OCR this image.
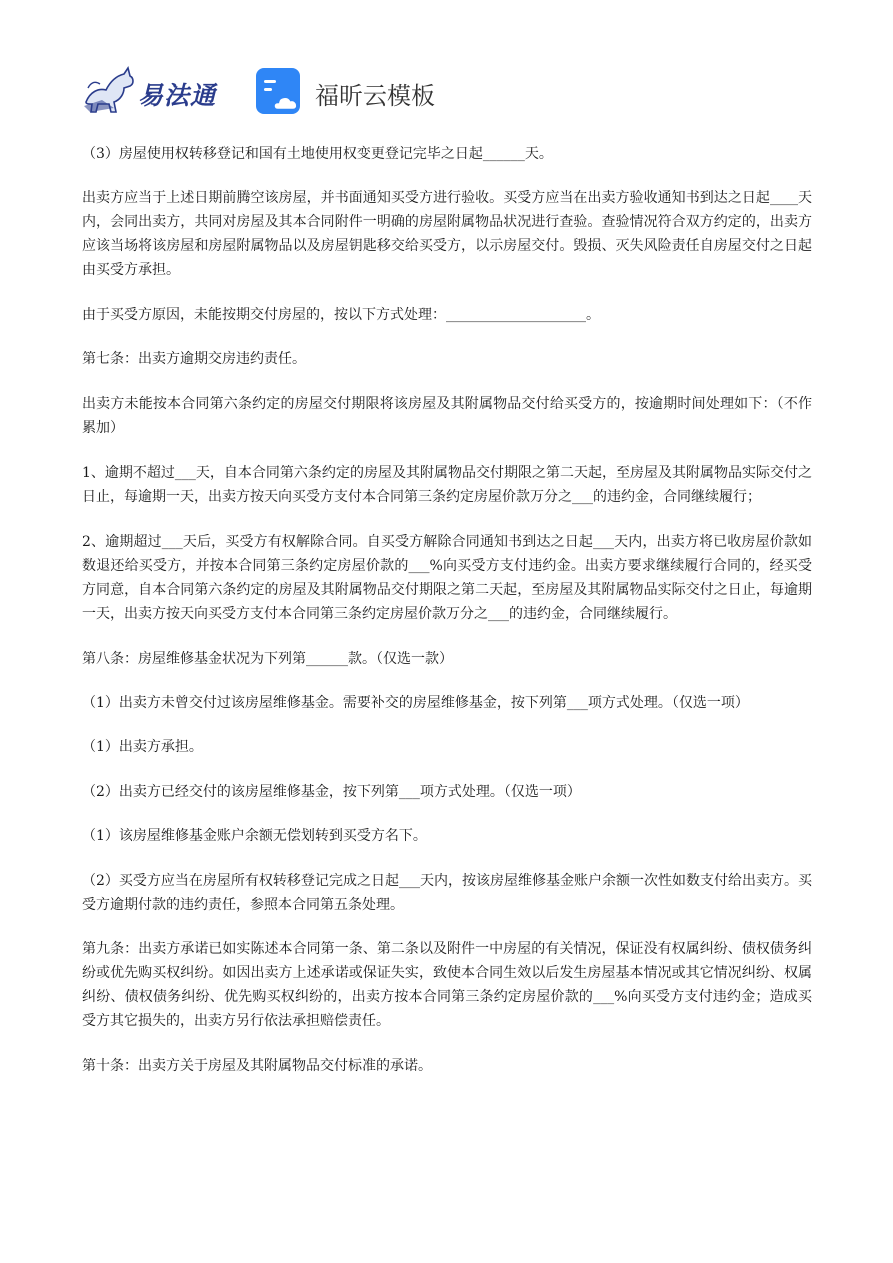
易法通	福昕云模板

（3）房屋使用权转移登记和国有土地使用权变更登记完毕之日起______天。

出卖方应当于上述日期前腾空该房屋，并书面通知买受方进行验收。买受方应当在出卖方验收通知书到达之日起____天内，会同出卖方，共同对房屋及其本合同附件一明确的房屋附属物品状况进行查验。查验情况符合双方约定的，出卖方应该当场将该房屋和房屋附属物品以及房屋钥匙移交给买受方，以示房屋交付。毁损、灭失风险责任自房屋交付之日起由买受方承担。

由于买受方原因，未能按期交付房屋的，按以下方式处理：____________________。

第七条：出卖方逾期交房违约责任。

出卖方未能按本合同第六条约定的房屋交付期限将该房屋及其附属物品交付给买受方的，按逾期时间处理如下：（不作累加）

1、逾期不超过___天，自本合同第六条约定的房屋及其附属物品交付期限之第二天起，至房屋及其附属物品实际交付之日止，每逾期一天，出卖方按天向买受方支付本合同第三条约定房屋价款万分之___的违约金，合同继续履行；

2、逾期超过___天后，买受方有权解除合同。自买受方解除合同通知书到达之日起___天内，出卖方将已收房屋价款如数退还给买受方，并按本合同第三条约定房屋价款的___%向买受方支付违约金。出卖方要求继续履行合同的，经买受方同意，自本合同第六条约定的房屋及其附属物品交付期限之第二天起，至房屋及其附属物品实际交付之日止，每逾期一天，出卖方按天向买受方支付本合同第三条约定房屋价款万分之___的违约金，合同继续履行。

第八条：房屋维修基金状况为下列第______款。（仅选一款）

（1）出卖方未曾交付过该房屋维修基金。需要补交的房屋维修基金，按下列第___项方式处理。（仅选一项）

（1）出卖方承担。

（2）出卖方已经交付的该房屋维修基金，按下列第___项方式处理。（仅选一项）

（1）该房屋维修基金账户余额无偿划转到买受方名下。

（2）买受方应当在房屋所有权转移登记完成之日起___天内，按该房屋维修基金账户余额一次性如数支付给出卖方。买受方逾期付款的违约责任，参照本合同第五条处理。

第九条：出卖方承诺已如实陈述本合同第一条、第二条以及附件一中房屋的有关情况，保证没有权属纠纷、债权债务纠纷或优先购买权纠纷。如因出卖方上述承诺或保证失实，致使本合同生效以后发生房屋基本情况或其它情况纠纷、权属纠纷、债权债务纠纷、优先购买权纠纷的，出卖方按本合同第三条约定房屋价款的___%向买受方支付违约金；造成买受方其它损失的，出卖方另行依法承担赔偿责任。

第十条：出卖方关于房屋及其附属物品交付标准的承诺。
